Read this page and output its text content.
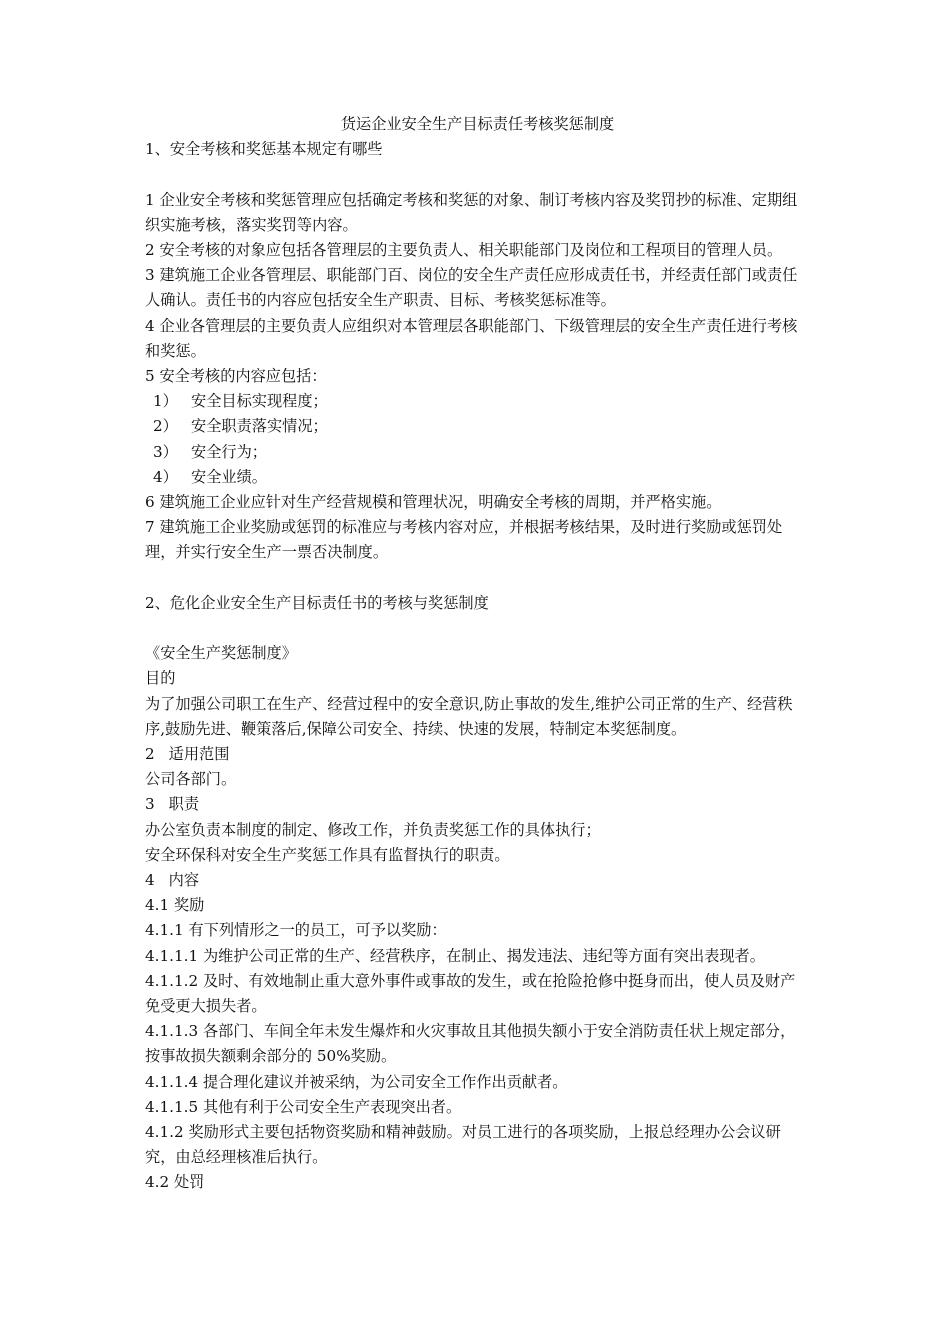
货运企业安全生产目标责任考核奖惩制度

1、安全考核和奖惩基本规定有哪些

1 企业安全考核和奖惩管理应包括确定考核和奖惩的对象、制订考核内容及奖罚抄的标准、定期组织实施考核，落实奖罚等内容。

2 安全考核的对象应包括各管理层的主要负责人、相关职能部门及岗位和工程项目的管理人员。

3 建筑施工企业各管理层、职能部门百、岗位的安全生产责任应形成责任书，并经责任部门或责任人确认。责任书的内容应包括安全生产职责、目标、考核奖惩标准等。

4 企业各管理层的主要负责人应组织对本管理层各职能部门、下级管理层的安全生产责任进行考核和奖惩。

5 安全考核的内容应包括：

1） 安全目标实现程度；

2） 安全职责落实情况；

3） 安全行为；

4） 安全业绩。

6 建筑施工企业应针对生产经营规模和管理状况，明确安全考核的周期，并严格实施。

7 建筑施工企业奖励或惩罚的标准应与考核内容对应，并根据考核结果，及时进行奖励或惩罚处理，并实行安全生产一票否决制度。

2、危化企业安全生产目标责任书的考核与奖惩制度

《安全生产奖惩制度》

目的

为了加强公司职工在生产、经营过程中的安全意识,防止事故的发生,维护公司正常的生产、经营秩序,鼓励先进、鞭策落后,保障公司安全、持续、快速的发展，特制定本奖惩制度。

2 适用范围

公司各部门。

3 职责

办公室负责本制度的制定、修改工作，并负责奖惩工作的具体执行；

安全环保科对安全生产奖惩工作具有监督执行的职责。

4 内容

4.1 奖励

4.1.1 有下列情形之一的员工，可予以奖励：

4.1.1.1 为维护公司正常的生产、经营秩序，在制止、揭发违法、违纪等方面有突出表现者。

4.1.1.2 及时、有效地制止重大意外事件或事故的发生，或在抢险抢修中挺身而出，使人员及财产免受更大损失者。

4.1.1.3 各部门、车间全年未发生爆炸和火灾事故且其他损失额小于安全消防责任状上规定部分，按事故损失额剩余部分的 50%奖励。

4.1.1.4 提合理化建议并被采纳，为公司安全工作作出贡献者。

4.1.1.5 其他有利于公司安全生产表现突出者。

4.1.2 奖励形式主要包括物资奖励和精神鼓励。对员工进行的各项奖励，上报总经理办公会议研究，由总经理核准后执行。

4.2 处罚
